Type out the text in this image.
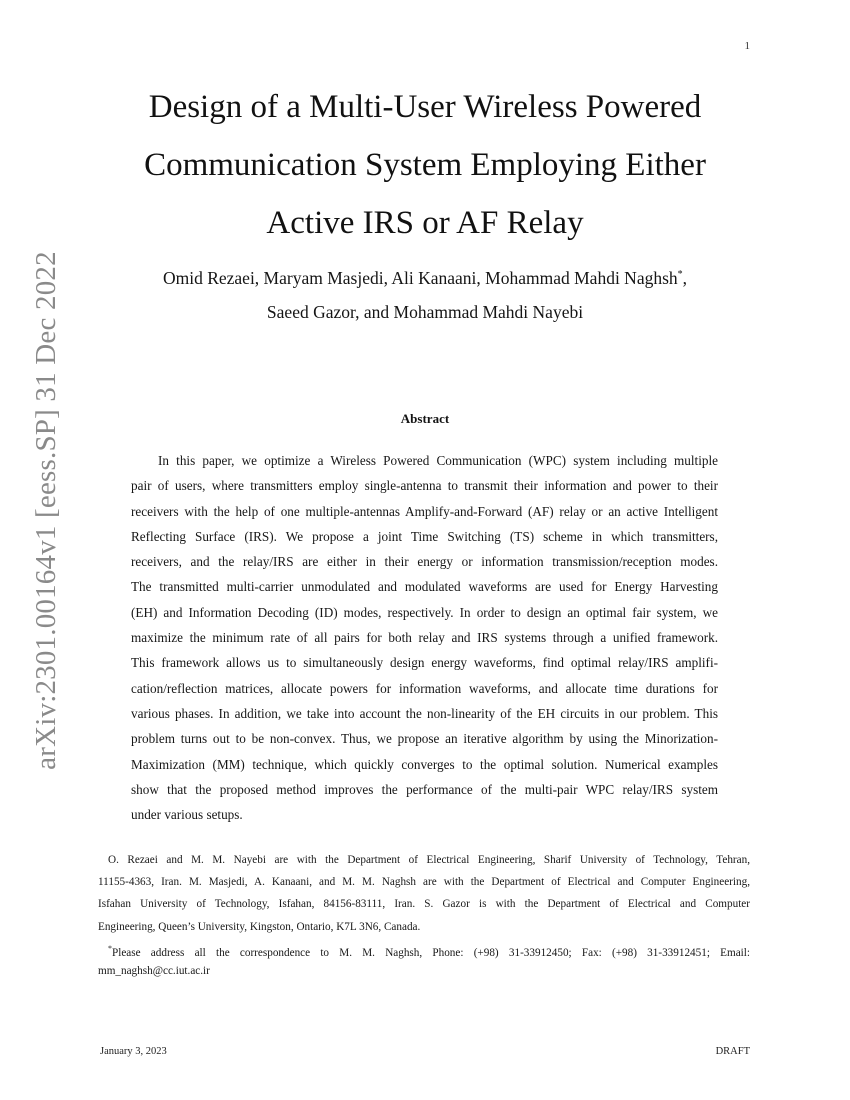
1
arXiv:2301.00164v1 [eess.SP] 31 Dec 2022
Design of a Multi-User Wireless Powered
Communication System Employing Either
Active IRS or AF Relay
Omid Rezaei, Maryam Masjedi, Ali Kanaani, Mohammad Mahdi Naghsh*,
Saeed Gazor, and Mohammad Mahdi Nayebi
Abstract
In this paper, we optimize a Wireless Powered Communication (WPC) system including multiple
pair of users, where transmitters employ single-antenna to transmit their information and power to their
receivers with the help of one multiple-antennas Amplify-and-Forward (AF) relay or an active Intelligent
Reflecting Surface (IRS). We propose a joint Time Switching (TS) scheme in which transmitters,
receivers, and the relay/IRS are either in their energy or information transmission/reception modes.
The transmitted multi-carrier unmodulated and modulated waveforms are used for Energy Harvesting
(EH) and Information Decoding (ID) modes, respectively. In order to design an optimal fair system, we
maximize the minimum rate of all pairs for both relay and IRS systems through a unified framework.
This framework allows us to simultaneously design energy waveforms, find optimal relay/IRS amplifi-
cation/reflection matrices, allocate powers for information waveforms, and allocate time durations for
various phases. In addition, we take into account the non-linearity of the EH circuits in our problem. This
problem turns out to be non-convex. Thus, we propose an iterative algorithm by using the Minorization-
Maximization (MM) technique, which quickly converges to the optimal solution. Numerical examples
show that the proposed method improves the performance of the multi-pair WPC relay/IRS system
under various setups.
O. Rezaei and M. M. Nayebi are with the Department of Electrical Engineering, Sharif University of Technology, Tehran,
11155-4363, Iran. M. Masjedi, A. Kanaani, and M. M. Naghsh are with the Department of Electrical and Computer Engineering,
Isfahan University of Technology, Isfahan, 84156-83111, Iran. S. Gazor is with the Department of Electrical and Computer
Engineering, Queen’s University, Kingston, Ontario, K7L 3N6, Canada.
*Please address all the correspondence to M. M. Naghsh, Phone: (+98) 31-33912450; Fax: (+98) 31-33912451; Email:
mm_naghsh@cc.iut.ac.ir
January 3, 2023	DRAFT
